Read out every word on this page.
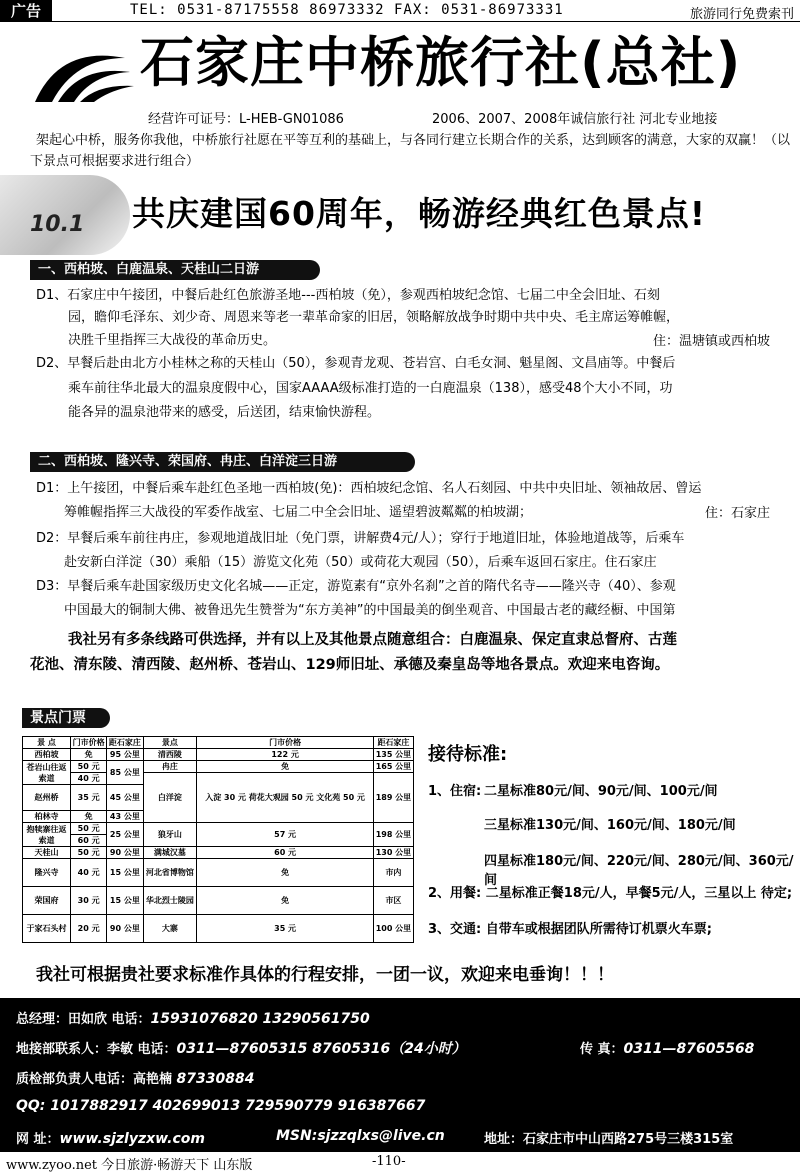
广告	TEL: 0531-87175558 86973332 FAX: 0531-86973331	旅游同行免费索刊
石家庄中桥旅行社(总社)
经营许可证号：L-HEB-GN01086	2006、2007、2008年诚信旅行社 河北专业地接
架起心中桥，服务你我他，中桥旅行社愿在平等互利的基础上，与各同行建立长期合作的关系，达到顾客的满意，大家的双赢！（以下景点可根据要求进行组合）
10.1 共庆建国60周年，畅游经典红色景点!
一、西柏坡、白鹿温泉、天桂山二日游
D1、石家庄中午接团，中餐后赴红色旅游圣地---西柏坡（免），参观西柏坡纪念馆、七届二中全会旧址、石刻
园，瞻仰毛泽东、刘少奇、周恩来等老一辈革命家的旧居，领略解放战争时期中共中央、毛主席运筹帷幄，
决胜千里指挥三大战役的革命历史。	住：温塘镇或西柏坡
D2、早餐后赴由北方小桂林之称的天桂山（50），参观青龙观、苍岩宫、白毛女洞、魁星阁、文昌庙等。中餐后
乘车前往华北最大的温泉度假中心，国家AAAA级标准打造的一白鹿温泉（138），感受48个大小不同，功
能各异的温泉池带来的感受，后送团，结束愉快游程。
二、西柏坡、隆兴寺、荣国府、冉庄、白洋淀三日游
D1：上午接团，中餐后乘车赴红色圣地一西柏坡(免)：西柏坡纪念馆、名人石刻园、中共中央旧址、领袖故居、曾运
筹帷幄指挥三大战役的军委作战室、七届二中全会旧址、遥望碧波粼粼的柏坡湖；	住：石家庄
D2：早餐后乘车前往冉庄，参观地道战旧址（免门票，讲解费4元/人）；穿行于地道旧址，体验地道战等，后乘车
赴安新白洋淀（30）乘船（15）游览文化苑（50）或荷花大观园（50），后乘车返回石家庄。住石家庄
D3：早餐后乘车赴国家级历史文化名城——正定，游览素有“京外名刹”之首的隋代名寺——隆兴寺（40）、参观
中国最大的铜制大佛、被鲁迅先生赞誉为“东方美神”的中国最美的倒坐观音、中国最古老的藏经橱、中国第
我社另有多条线路可供选择，并有以上及其他景点随意组合：白鹿温泉、保定直隶总督府、古莲
花池、清东陵、清西陵、赵州桥、苍岩山、129师旧址、承德及秦皇岛等地各景点。欢迎来电咨询。
景点门票
景 点	门市价格	距石家庄	景点	门市价格	距石家庄
西柏坡	免	95 公里	清西陵	122 元	135 公里
苍岩山往返索道	50 元	85 公里	冉庄	免	165 公里
	40 元		白洋淀	入淀 30 元 荷花大观园 50 元 文化苑 50 元	189 公里
赵州桥	35 元	45 公里			
柏林寺	免	43 公里			
抱犊寨往返索道	50 元	25 公里	狼牙山	57 元	198 公里
	60 元				
天桂山	50 元	90 公里	满城汉墓	60 元	130 公里
隆兴寺	40 元	15 公里	河北省博物馆	免	市内
荣国府	30 元	15 公里	华北烈士陵园	免	市区
于家石头村	20 元	90 公里	大寨	35 元	100 公里
接待标准:
1、住宿: 二星标准80元/间、90元/间、100元/间
三星标准130元/间、160元/间、180元/间
四星标准180元/间、220元/间、280元/间、360元/间
2、用餐: 二星标准正餐18元/人，早餐5元/人，三星以上 待定;
3、交通: 自带车或根据团队所需待订机票火车票;
我社可根据贵社要求标准作具体的行程安排，一团一议，欢迎来电垂询！！！
总经理：田如欣 电话：15931076820 13290561750
地接部联系人：李敏 电话：0311—87605315 87605316（24小时）	传 真：0311—87605568
质检部负责人电话：高艳楠 87330884
QQ: 1017882917 402699013 729590779 916387667
网 址：www.sjzlyzxw.com	MSN:sjzzqlxs@live.cn	地址：石家庄市中山西路275号三楼315室
www.zyoo.net 今日旅游·畅游天下 山东版	-110-
